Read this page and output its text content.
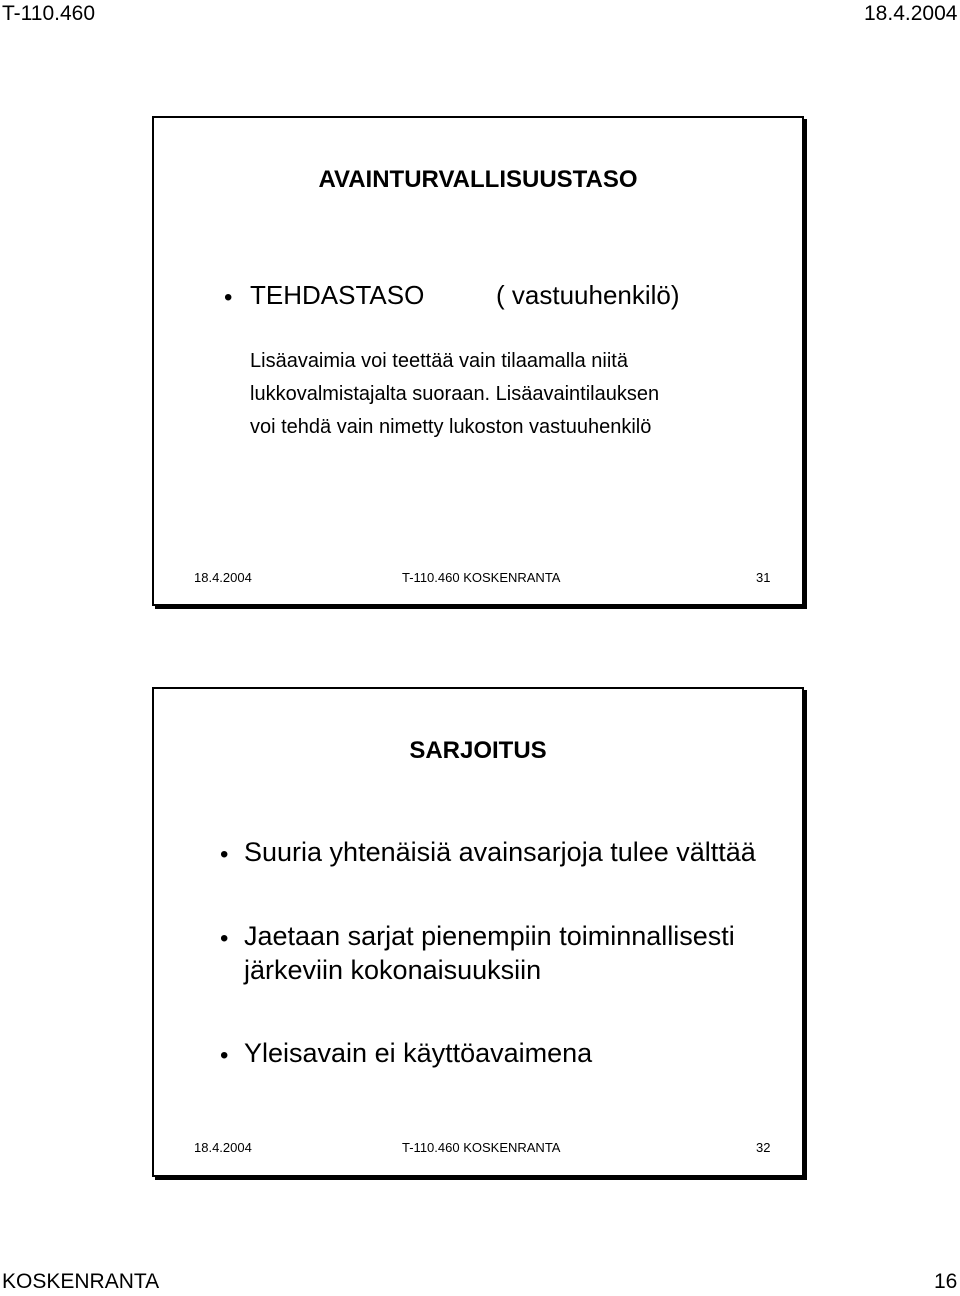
T-110.460	18.4.2004
AVAINTURVALLISUUSTASO
• TEHDASTASO	( vastuuhenkilö)
Lisäavaimia voi teettää vain tilaamalla niitä
lukkovalmistajalta suoraan. Lisäavaintilauksen
voi tehdä vain nimetty lukoston vastuuhenkilö
18.4.2004	T-110.460 KOSKENRANTA	31
SARJOITUS
• Suuria yhtenäisiä avainsarjoja tulee välttää
• Jaetaan sarjat pienempiin toiminnallisesti
järkeviin kokonaisuuksiin
• Yleisavain ei käyttöavaimena
18.4.2004	T-110.460 KOSKENRANTA	32
KOSKENRANTA	16
